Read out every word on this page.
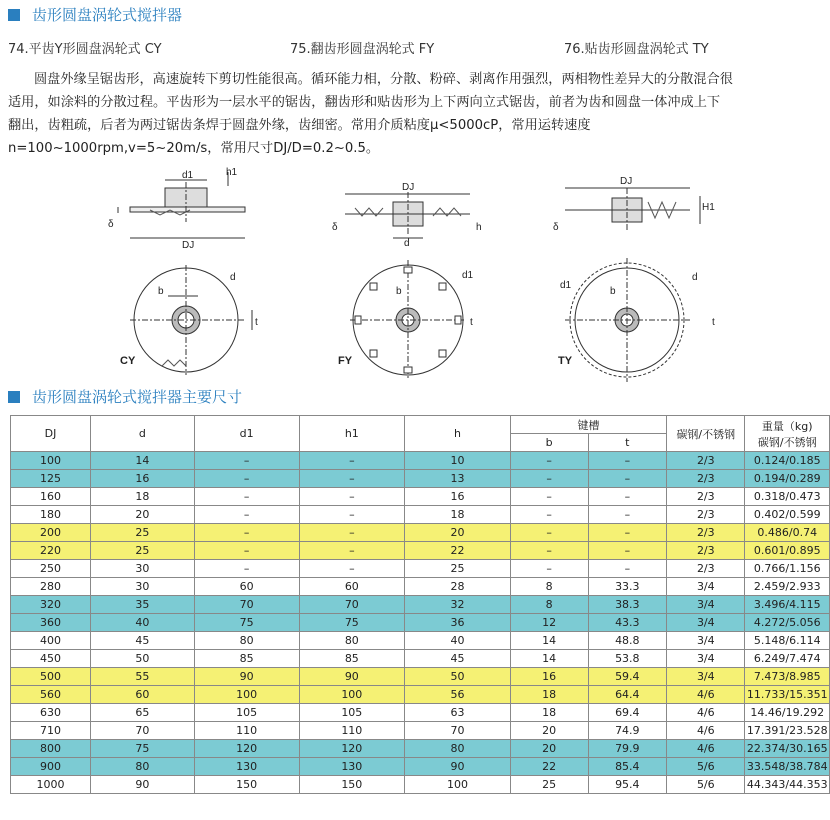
齿形圆盘涡轮式搅拌器
74.平齿Y形圆盘涡轮式 CY	75.翻齿形圆盘涡轮式 FY	76.贴齿形圆盘涡轮式 TY
圆盘外缘呈锯齿形，高速旋转下剪切性能很高。循环能力相，分散、粉碎、剥离作用强烈，两相物性差异大的分散混合很
适用，如涂料的分散过程。平齿形为一层水平的锯齿，翻齿形和贴齿形为上下两向立式锯齿，前者为齿和圆盘一体冲成上下
翻出，齿粗疏，后者为两过锯齿条焊于圆盘外缘，齿细密。常用介质粘度μ<5000cP，常用运转速度
n=100~1000rpm,v=5~20m/s，常用尺寸DJ/D=0.2~0.5。
d1	h1
DJ
δ
b
d
t
CY
DJ
d
h
δ
b
d1
t
FY
DJ
H1
δ
d1
b
d
t
TY
齿形圆盘涡轮式搅拌器主要尺寸
DJ	d	d1	h1	h	键槽		碳钢/不锈钢	重量（kg)
碳钢/不锈钢

					b	t		
100	14	–	–	10	–	–	2/3	0.124/0.185
125	16	–	–	13	–	–	2/3	0.194/0.289
160	18	–	–	16	–	–	2/3	0.318/0.473
180	20	–	–	18	–	–	2/3	0.402/0.599
200	25	–	–	20	–	–	2/3	0.486/0.74
220	25	–	–	22	–	–	2/3	0.601/0.895
250	30	–	–	25	–	–	2/3	0.766/1.156
280	30	60	60	28	8	33.3	3/4	2.459/2.933
320	35	70	70	32	8	38.3	3/4	3.496/4.115
360	40	75	75	36	12	43.3	3/4	4.272/5.056
400	45	80	80	40	14	48.8	3/4	5.148/6.114
450	50	85	85	45	14	53.8	3/4	6.249/7.474
500	55	90	90	50	16	59.4	3/4	7.473/8.985
560	60	100	100	56	18	64.4	4/6	11.733/15.351
630	65	105	105	63	18	69.4	4/6	14.46/19.292
710	70	110	110	70	20	74.9	4/6	17.391/23.528
800	75	120	120	80	20	79.9	4/6	22.374/30.165
900	80	130	130	90	22	85.4	5/6	33.548/38.784
1000	90	150	150	100	25	95.4	5/6	44.343/44.353
